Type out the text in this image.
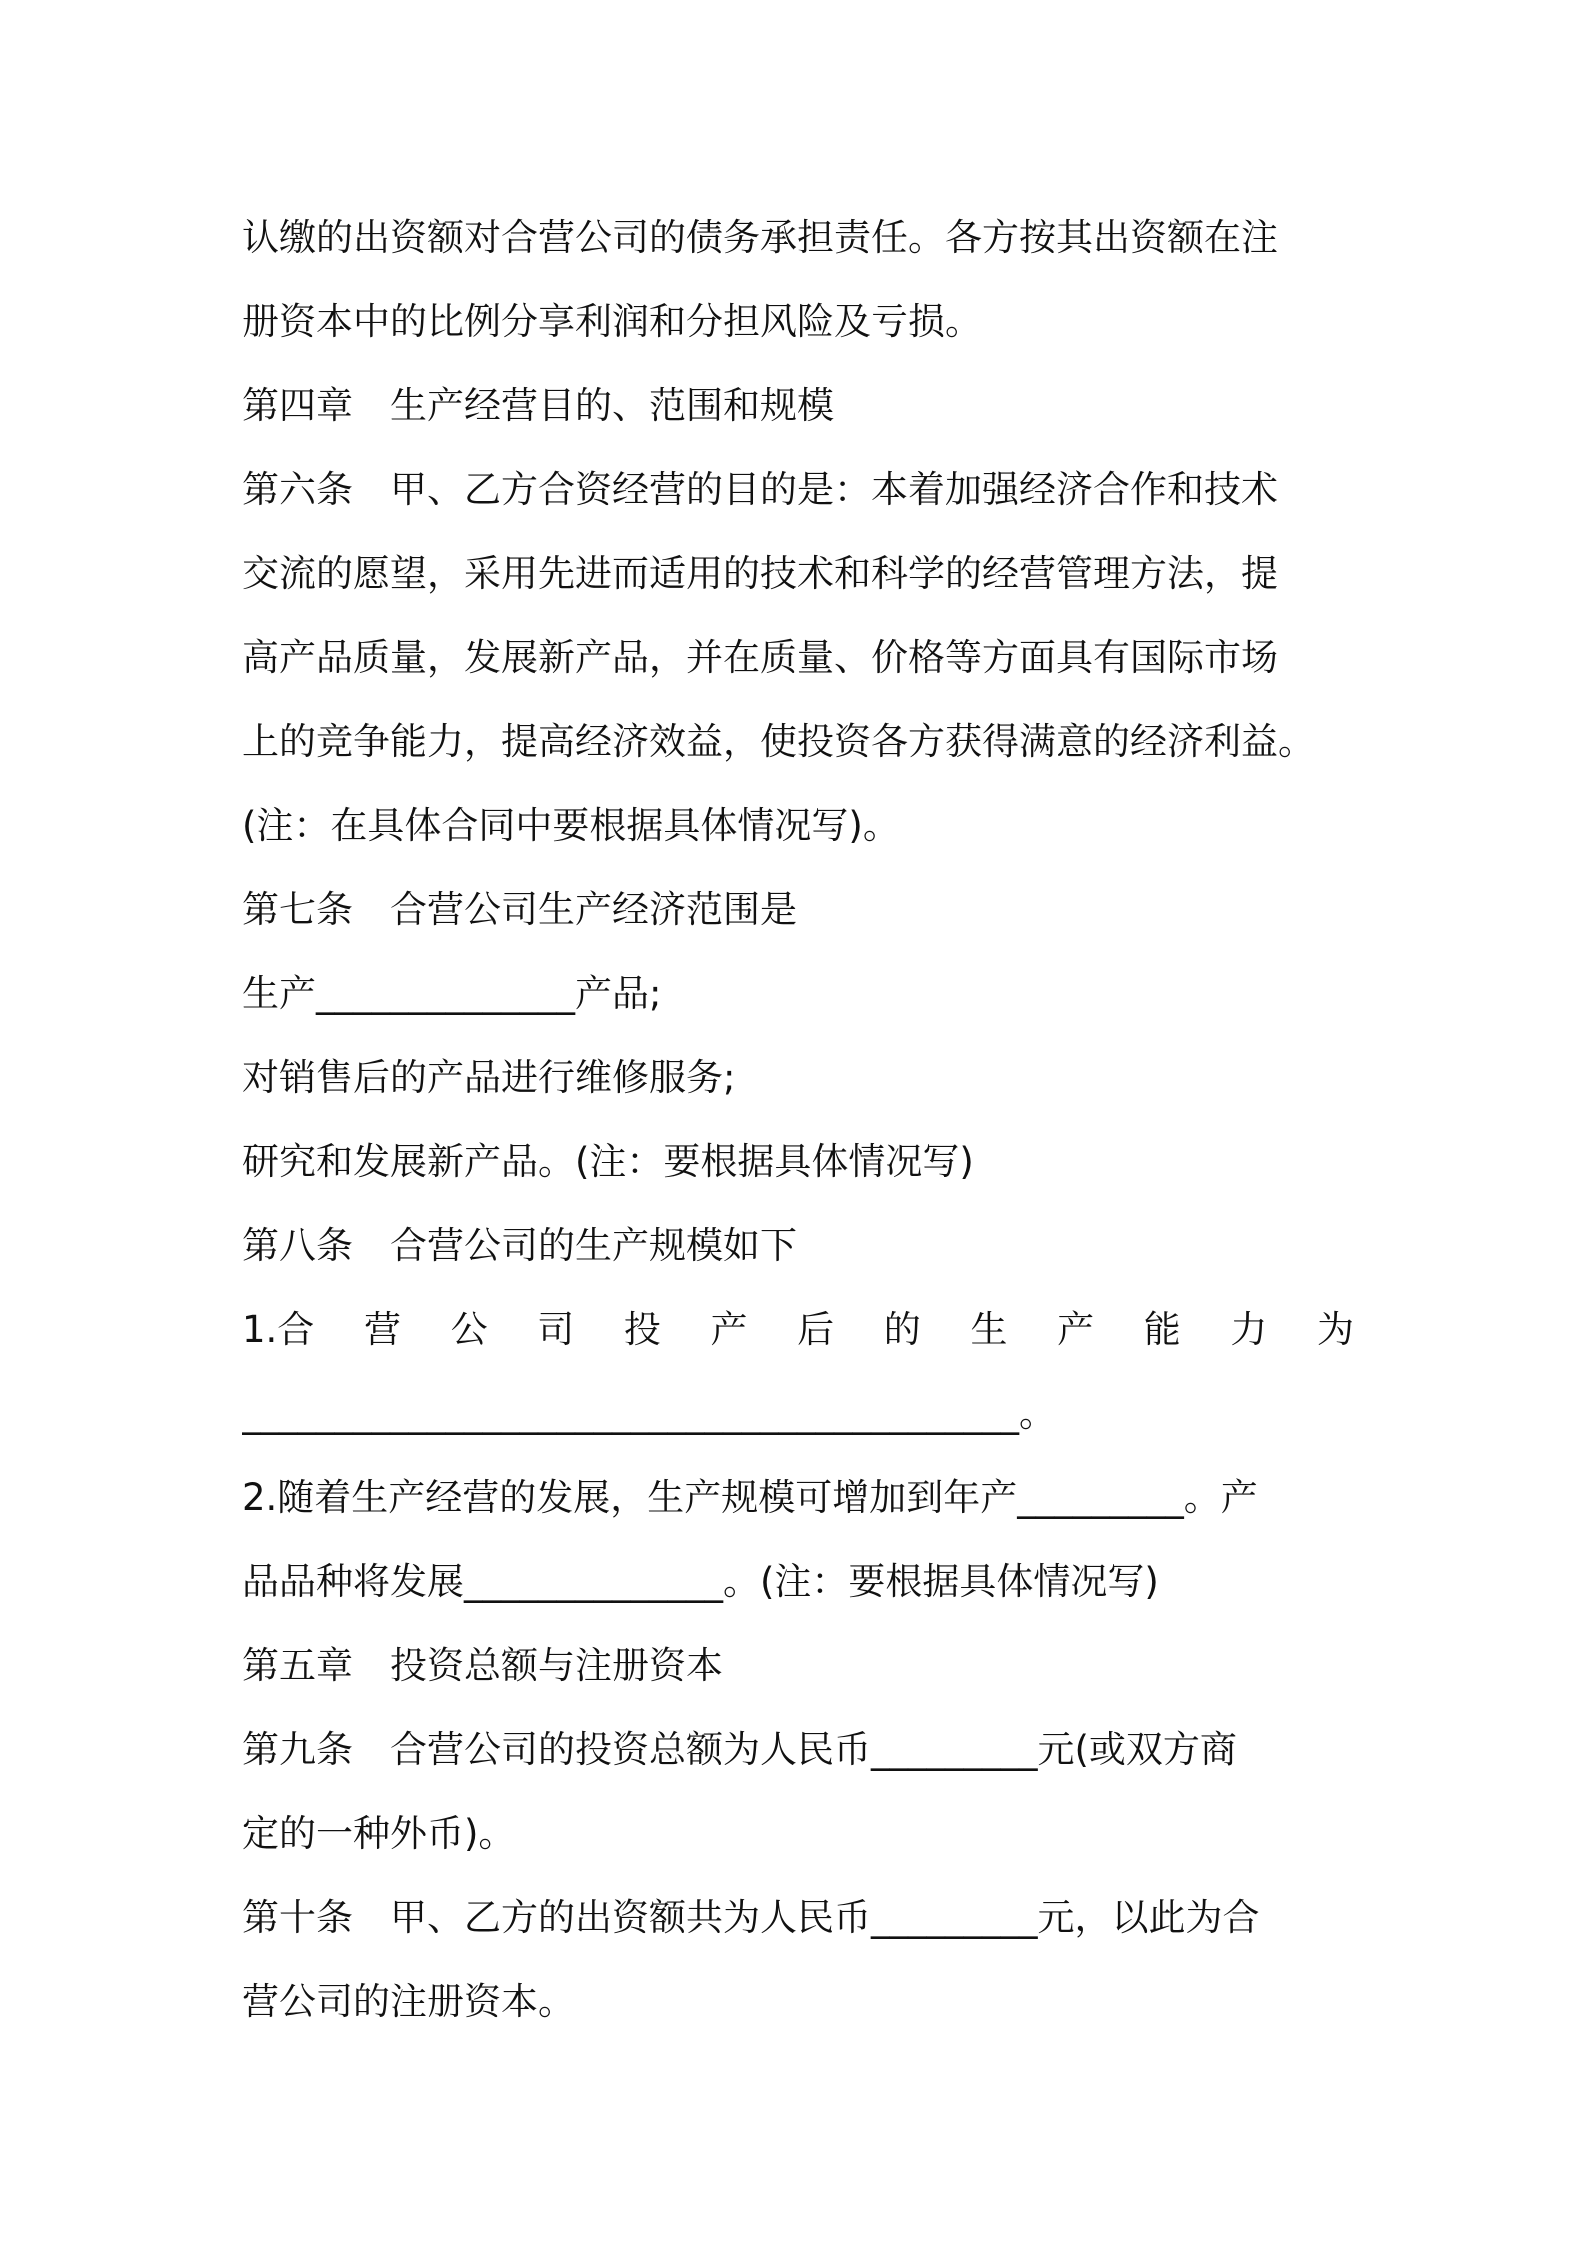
认缴的出资额对合营公司的债务承担责任。各方按其出资额在注
册资本中的比例分享利润和分担风险及亏损。
第四章　生产经营目的、范围和规模
第六条　甲、乙方合资经营的目的是：本着加强经济合作和技术
交流的愿望，采用先进而适用的技术和科学的经营管理方法，提
高产品质量，发展新产品，并在质量、价格等方面具有国际市场
上的竞争能力，提高经济效益，使投资各方获得满意的经济利益。
(注：在具体合同中要根据具体情况写)。
第七条　合营公司生产经济范围是
生产______________产品;
对销售后的产品进行维修服务;
研究和发展新产品。(注：要根据具体情况写)
第八条　合营公司的生产规模如下
1.合 营 公 司 投 产 后 的 生 产 能 力 为
__________________________________________。
2.随着生产经营的发展，生产规模可增加到年产_________。产
品品种将发展______________。(注：要根据具体情况写)
第五章　投资总额与注册资本
第九条　合营公司的投资总额为人民币_________元(或双方商
定的一种外币)。
第十条　甲、乙方的出资额共为人民币_________元，以此为合
营公司的注册资本。
